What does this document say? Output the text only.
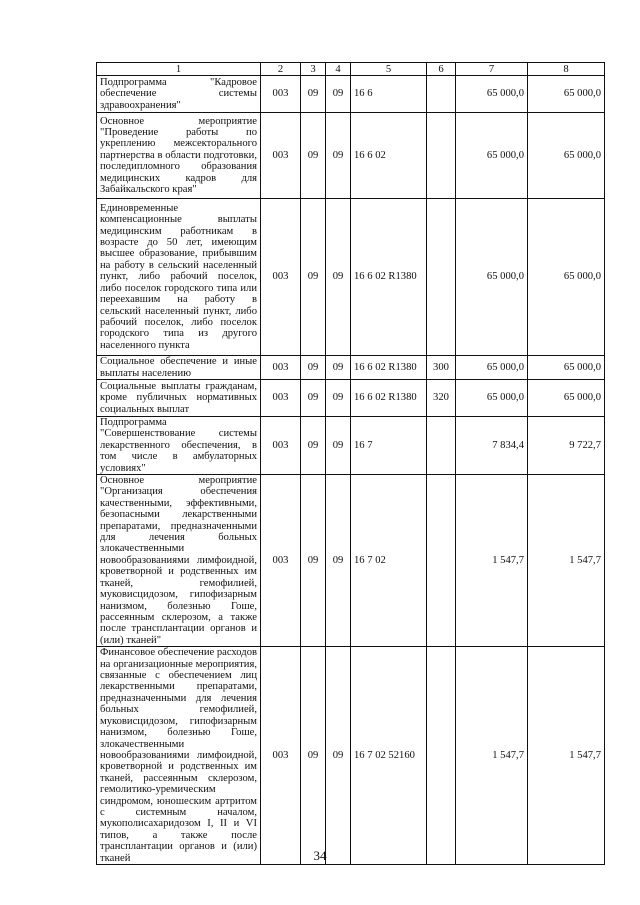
1	2	3	4	5	6	7	8
Подпрограмма "Кадровое обеспечение системы здравоохранения"	003	09	09	16 6		65 000,0	65 000,0
Основное мероприятие "Проведение работы по укреплению межсекторального партнерства в области подготовки, последипломного образования медицинских кадров для Забайкальского края"	003	09	09	16 6 02		65 000,0	65 000,0
Единовременные компенсационные выплаты медицинским работникам в возрасте до 50 лет, имеющим высшее образование, прибывшим на работу в сельский населенный пункт, либо рабочий поселок, либо поселок городского типа или переехавшим на работу в сельский населенный пункт, либо рабочий поселок, либо поселок городского типа из другого населенного пункта	003	09	09	16 6 02 R1380		65 000,0	65 000,0
Социальное обеспечение и иные выплаты населению	003	09	09	16 6 02 R1380	300	65 000,0	65 000,0
Социальные выплаты гражданам, кроме публичных нормативных социальных выплат	003	09	09	16 6 02 R1380	320	65 000,0	65 000,0
Подпрограмма "Совершенствование системы лекарственного обеспечения, в том числе в амбулаторных условиях"	003	09	09	16 7		7 834,4	9 722,7
Основное мероприятие "Организация обеспечения качественными, эффективными, безопасными лекарственными препаратами, предназначенными для лечения больных злокачественными новообразованиями лимфоидной, кроветворной и родственных им тканей, гемофилией, муковисцидозом, гипофизарным нанизмом, болезнью Гоше, рассеянным склерозом, а также после трансплантации органов и (или) тканей"	003	09	09	16 7 02		1 547,7	1 547,7
Финансовое обеспечение расходов на организационные мероприятия, связанные с обеспечением лиц лекарственными препаратами, предназначенными для лечения больных гемофилией, муковисцидозом, гипофизарным нанизмом, болезнью Гоше, злокачественными новообразованиями лимфоидной, кроветворной и родственных им тканей, рассеянным склерозом, гемолитико-уремическим синдромом, юношеским артритом с системным началом, мукополисахаридозом I, II и VI типов, а также после трансплантации органов и (или) тканей	003	09	09	16 7 02 52160		1 547,7	1 547,7
34
